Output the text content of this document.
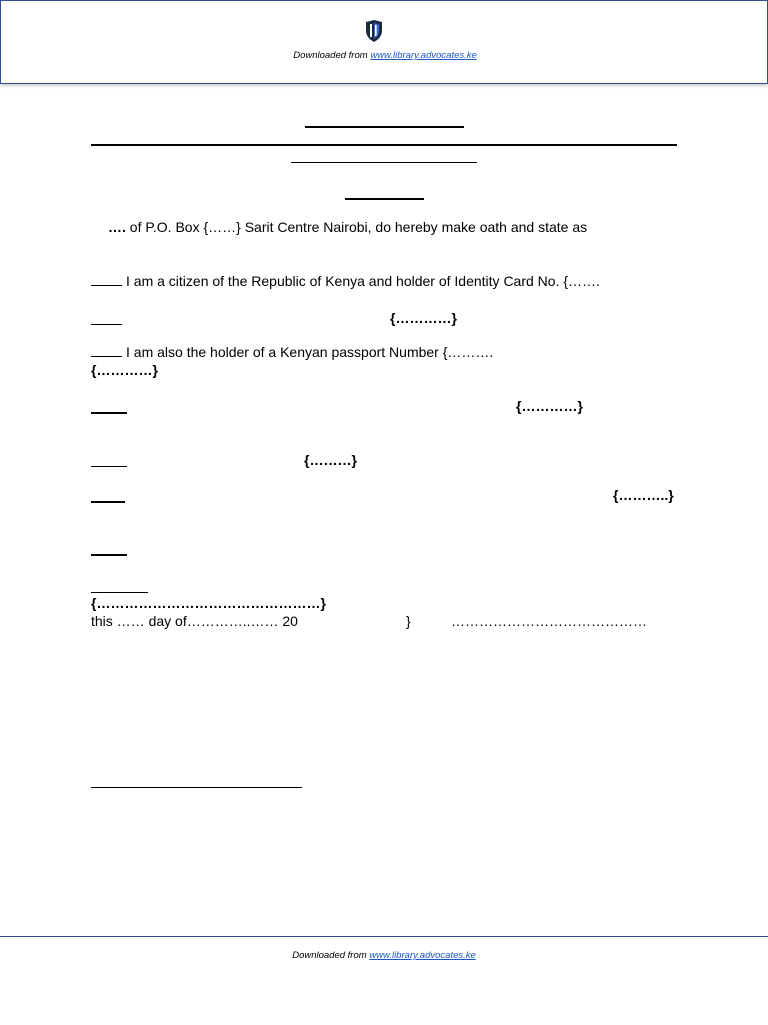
Downloaded from www.library.advocates.ke
…. of P.O. Box {……} Sarit Centre Nairobi, do hereby make oath and state as
I am a citizen of the Republic of Kenya and holder of Identity Card No. {…….
{…………}
I am also the holder of a Kenyan passport Number {……….
{…………}
{…………}
{………}
{………..}
{…………………………………………}
this …… day of…………..…… 20	}	……………………………………
Downloaded from www.library.advocates.ke
